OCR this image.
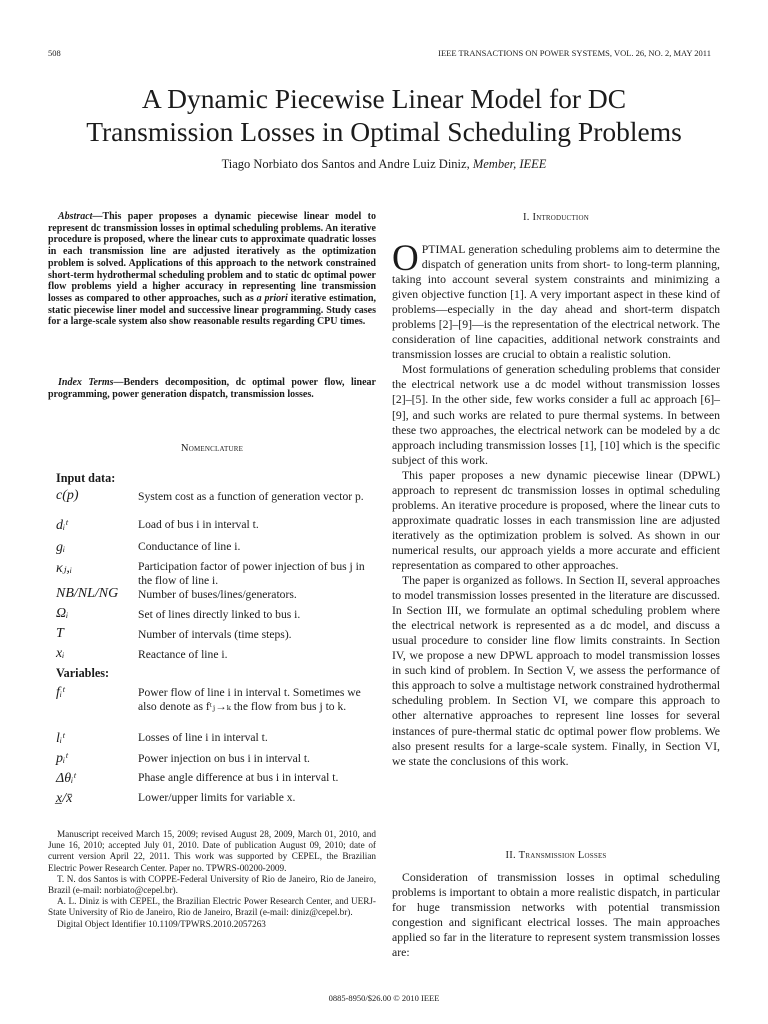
508	IEEE TRANSACTIONS ON POWER SYSTEMS, VOL. 26, NO. 2, MAY 2011
A Dynamic Piecewise Linear Model for DC
Transmission Losses in Optimal Scheduling Problems
Tiago Norbiato dos Santos and Andre Luiz Diniz, Member, IEEE
 Abstract—This paper proposes a dynamic piecewise linear model to represent dc transmission losses in optimal scheduling problems. An iterative procedure is proposed, where the linear cuts to approximate quadratic losses in each transmission line are adjusted iteratively as the optimization problem is solved. Applications of this approach to the network constrained short-term hydrothermal scheduling problem and to static dc optimal power flow problems yield a higher accuracy in representing line transmission losses as compared to other approaches, such as a priori iterative estimation, static piecewise liner model and successive linear programming. Study cases for a large-scale system also show reasonable results regarding CPU times.
 Index Terms—Benders decomposition, dc optimal power flow, linear programming, power generation dispatch, transmission losses.
Nomenclature
Input data:
c(p)	System cost as a function of generation vector p.
dᵢᵗ	Load of bus i in interval t.
gᵢ	Conductance of line i.
κⱼ,ᵢ	Participation factor of power injection of bus j in the flow of line i.
NB/NL/NG Number of buses/lines/generators.
Ωᵢ	Set of lines directly linked to bus i.
T	Number of intervals (time steps).
xᵢ	Reactance of line i.
Variables:
fᵢᵗ	Power flow of line i in interval t. Sometimes we also denote as fᵗⱼ→ₖ the flow from bus j to k.
lᵢᵗ	Losses of line i in interval t.
pᵢᵗ	Power injection on bus i in interval t.
Δθᵢᵗ	Phase angle difference at bus i in interval t.
x̲/x̄	Lower/upper limits for variable x.

Manuscript received March 15, 2009; revised August 28, 2009, March 01, 2010, and June 16, 2010; accepted July 01, 2010. Date of publication August 09, 2010; date of current version April 22, 2011. This work was supported by CEPEL, the Brazilian Electric Power Research Center. Paper no. TPWRS-00200-2009.

T. N. dos Santos is with COPPE-Federal University of Rio de Janeiro, Rio de Janeiro, Brazil (e-mail: norbiato@cepel.br).

A. L. Diniz is with CEPEL, the Brazilian Electric Power Research Center, and UERJ-State University of Rio de Janeiro, Rio de Janeiro, Brazil (e-mail: diniz@cepel.br).

Digital Object Identifier 10.1109/TPWRS.2010.2057263

I. Introduction

OPTIMAL generation scheduling problems aim to determine the dispatch of generation units from short- to long-term planning, taking into account several system constraints and minimizing a given objective function [1]. A very important aspect in these kind of problems—especially in the day ahead and short-term dispatch problems [2]–[9]—is the representation of the electrical network. The consideration of line capacities, additional network constraints and transmission losses are crucial to obtain a realistic solution.

Most formulations of generation scheduling problems that consider the electrical network use a dc model without transmission losses [2]–[5]. In the other side, few works consider a full ac approach [6]–[9], and such works are related to pure thermal systems. In between these two approaches, the electrical network can be modeled by a dc approach including transmission losses [1], [10] which is the specific subject of this work.

This paper proposes a new dynamic piecewise linear (DPWL) approach to represent dc transmission losses in optimal scheduling problems. An iterative procedure is proposed, where the linear cuts to approximate quadratic losses in each transmission line are adjusted iteratively as the optimization problem is solved. As shown in our numerical results, our approach yields a more accurate and efficient representation as compared to other approaches.

The paper is organized as follows. In Section II, several approaches to model transmission losses presented in the literature are discussed. In Section III, we formulate an optimal scheduling problem where the electrical network is represented as a dc model, and discuss a usual procedure to consider line flow limits constraints. In Section IV, we propose a new DPWL approach to model transmission losses in such kind of problem. In Section V, we assess the performance of this approach to solve a multistage network constrained hydrothermal scheduling problem. In Section VI, we compare this approach to other alternative approaches to represent line losses for several instances of pure-thermal static dc optimal power flow problems. We also present results for a large-scale system. Finally, in Section VI, we state the conclusions of this work.

II. Transmission Losses

Consideration of transmission losses in optimal scheduling problems is important to obtain a more realistic dispatch, in particular for huge transmission networks with potential transmission congestion and significant electrical losses. The main approaches applied so far in the literature to represent system transmission losses are:

0885-8950/$26.00 © 2010 IEEE
